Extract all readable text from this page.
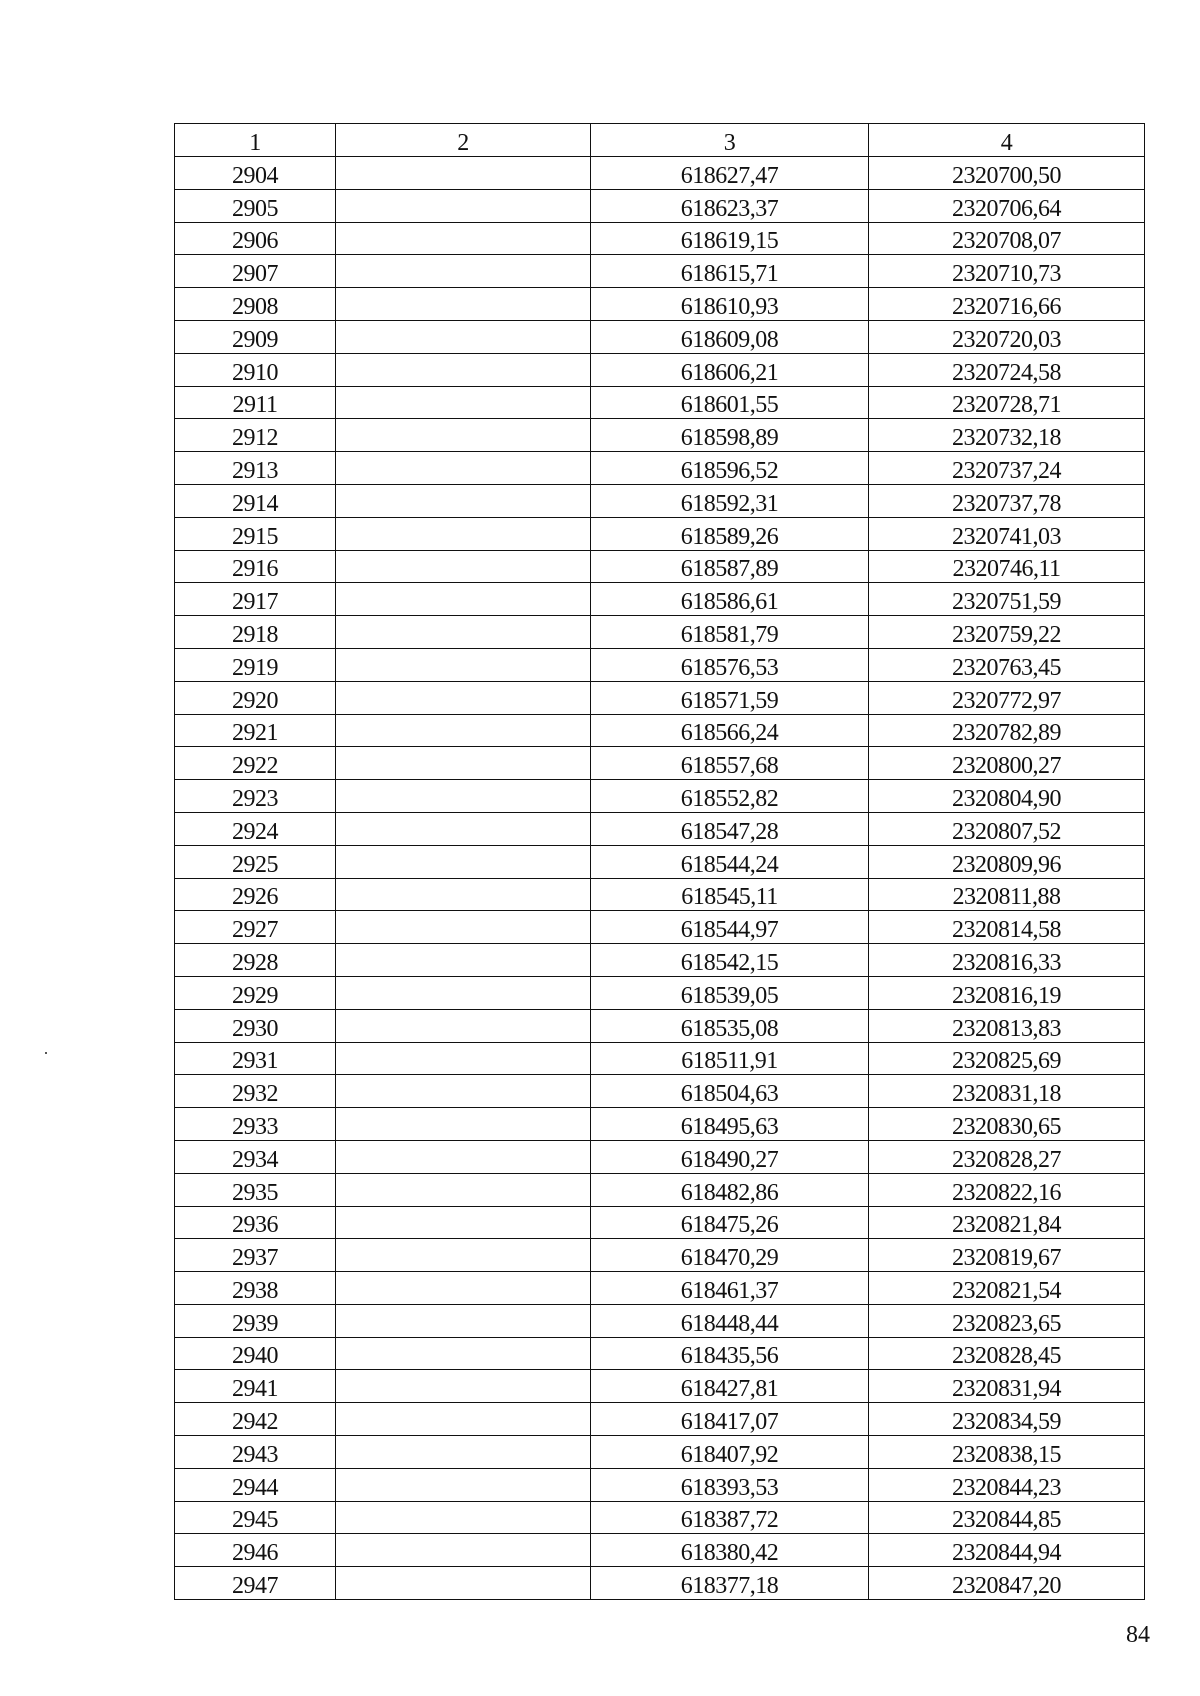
1	2	3	4
2904		618627,47	2320700,50
2905		618623,37	2320706,64
2906		618619,15	2320708,07
2907		618615,71	2320710,73
2908		618610,93	2320716,66
2909		618609,08	2320720,03
2910		618606,21	2320724,58
2911		618601,55	2320728,71
2912		618598,89	2320732,18
2913		618596,52	2320737,24
2914		618592,31	2320737,78
2915		618589,26	2320741,03
2916		618587,89	2320746,11
2917		618586,61	2320751,59
2918		618581,79	2320759,22
2919		618576,53	2320763,45
2920		618571,59	2320772,97
2921		618566,24	2320782,89
2922		618557,68	2320800,27
2923		618552,82	2320804,90
2924		618547,28	2320807,52
2925		618544,24	2320809,96
2926		618545,11	2320811,88
2927		618544,97	2320814,58
2928		618542,15	2320816,33
2929		618539,05	2320816,19
2930		618535,08	2320813,83
2931		618511,91	2320825,69
2932		618504,63	2320831,18
2933		618495,63	2320830,65
2934		618490,27	2320828,27
2935		618482,86	2320822,16
2936		618475,26	2320821,84
2937		618470,29	2320819,67
2938		618461,37	2320821,54
2939		618448,44	2320823,65
2940		618435,56	2320828,45
2941		618427,81	2320831,94
2942		618417,07	2320834,59
2943		618407,92	2320838,15
2944		618393,53	2320844,23
2945		618387,72	2320844,85
2946		618380,42	2320844,94
2947		618377,18	2320847,20
84
